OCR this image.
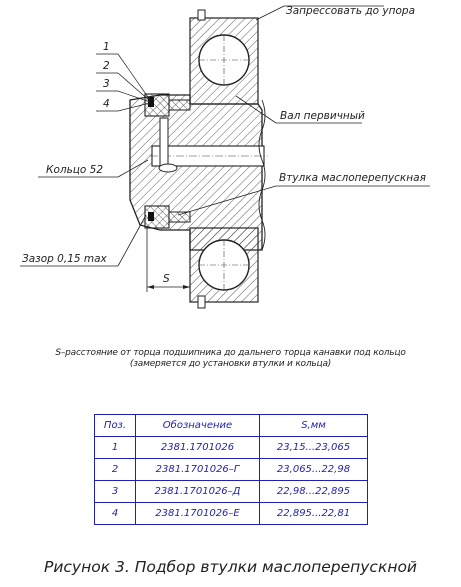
Запрессовать до упора
Вал первичный
Втулка маслоперепускная
Кольцо 52
Зазор 0,15 max
1
2
3
4
S
S–расстояние от торца подшипника до дальнего торца канавки под кольцо
(замеряется до установки втулки и кольца)
Поз.	Обозначение	S,мм
1	2381.1701026	23,15...23,065
2	2381.1701026–Г	23,065...22,98
3	2381.1701026–Д	22,98...22,895
4	2381.1701026–Е	22,895...22,81
Рисунок 3. Подбор втулки маслоперепускной
